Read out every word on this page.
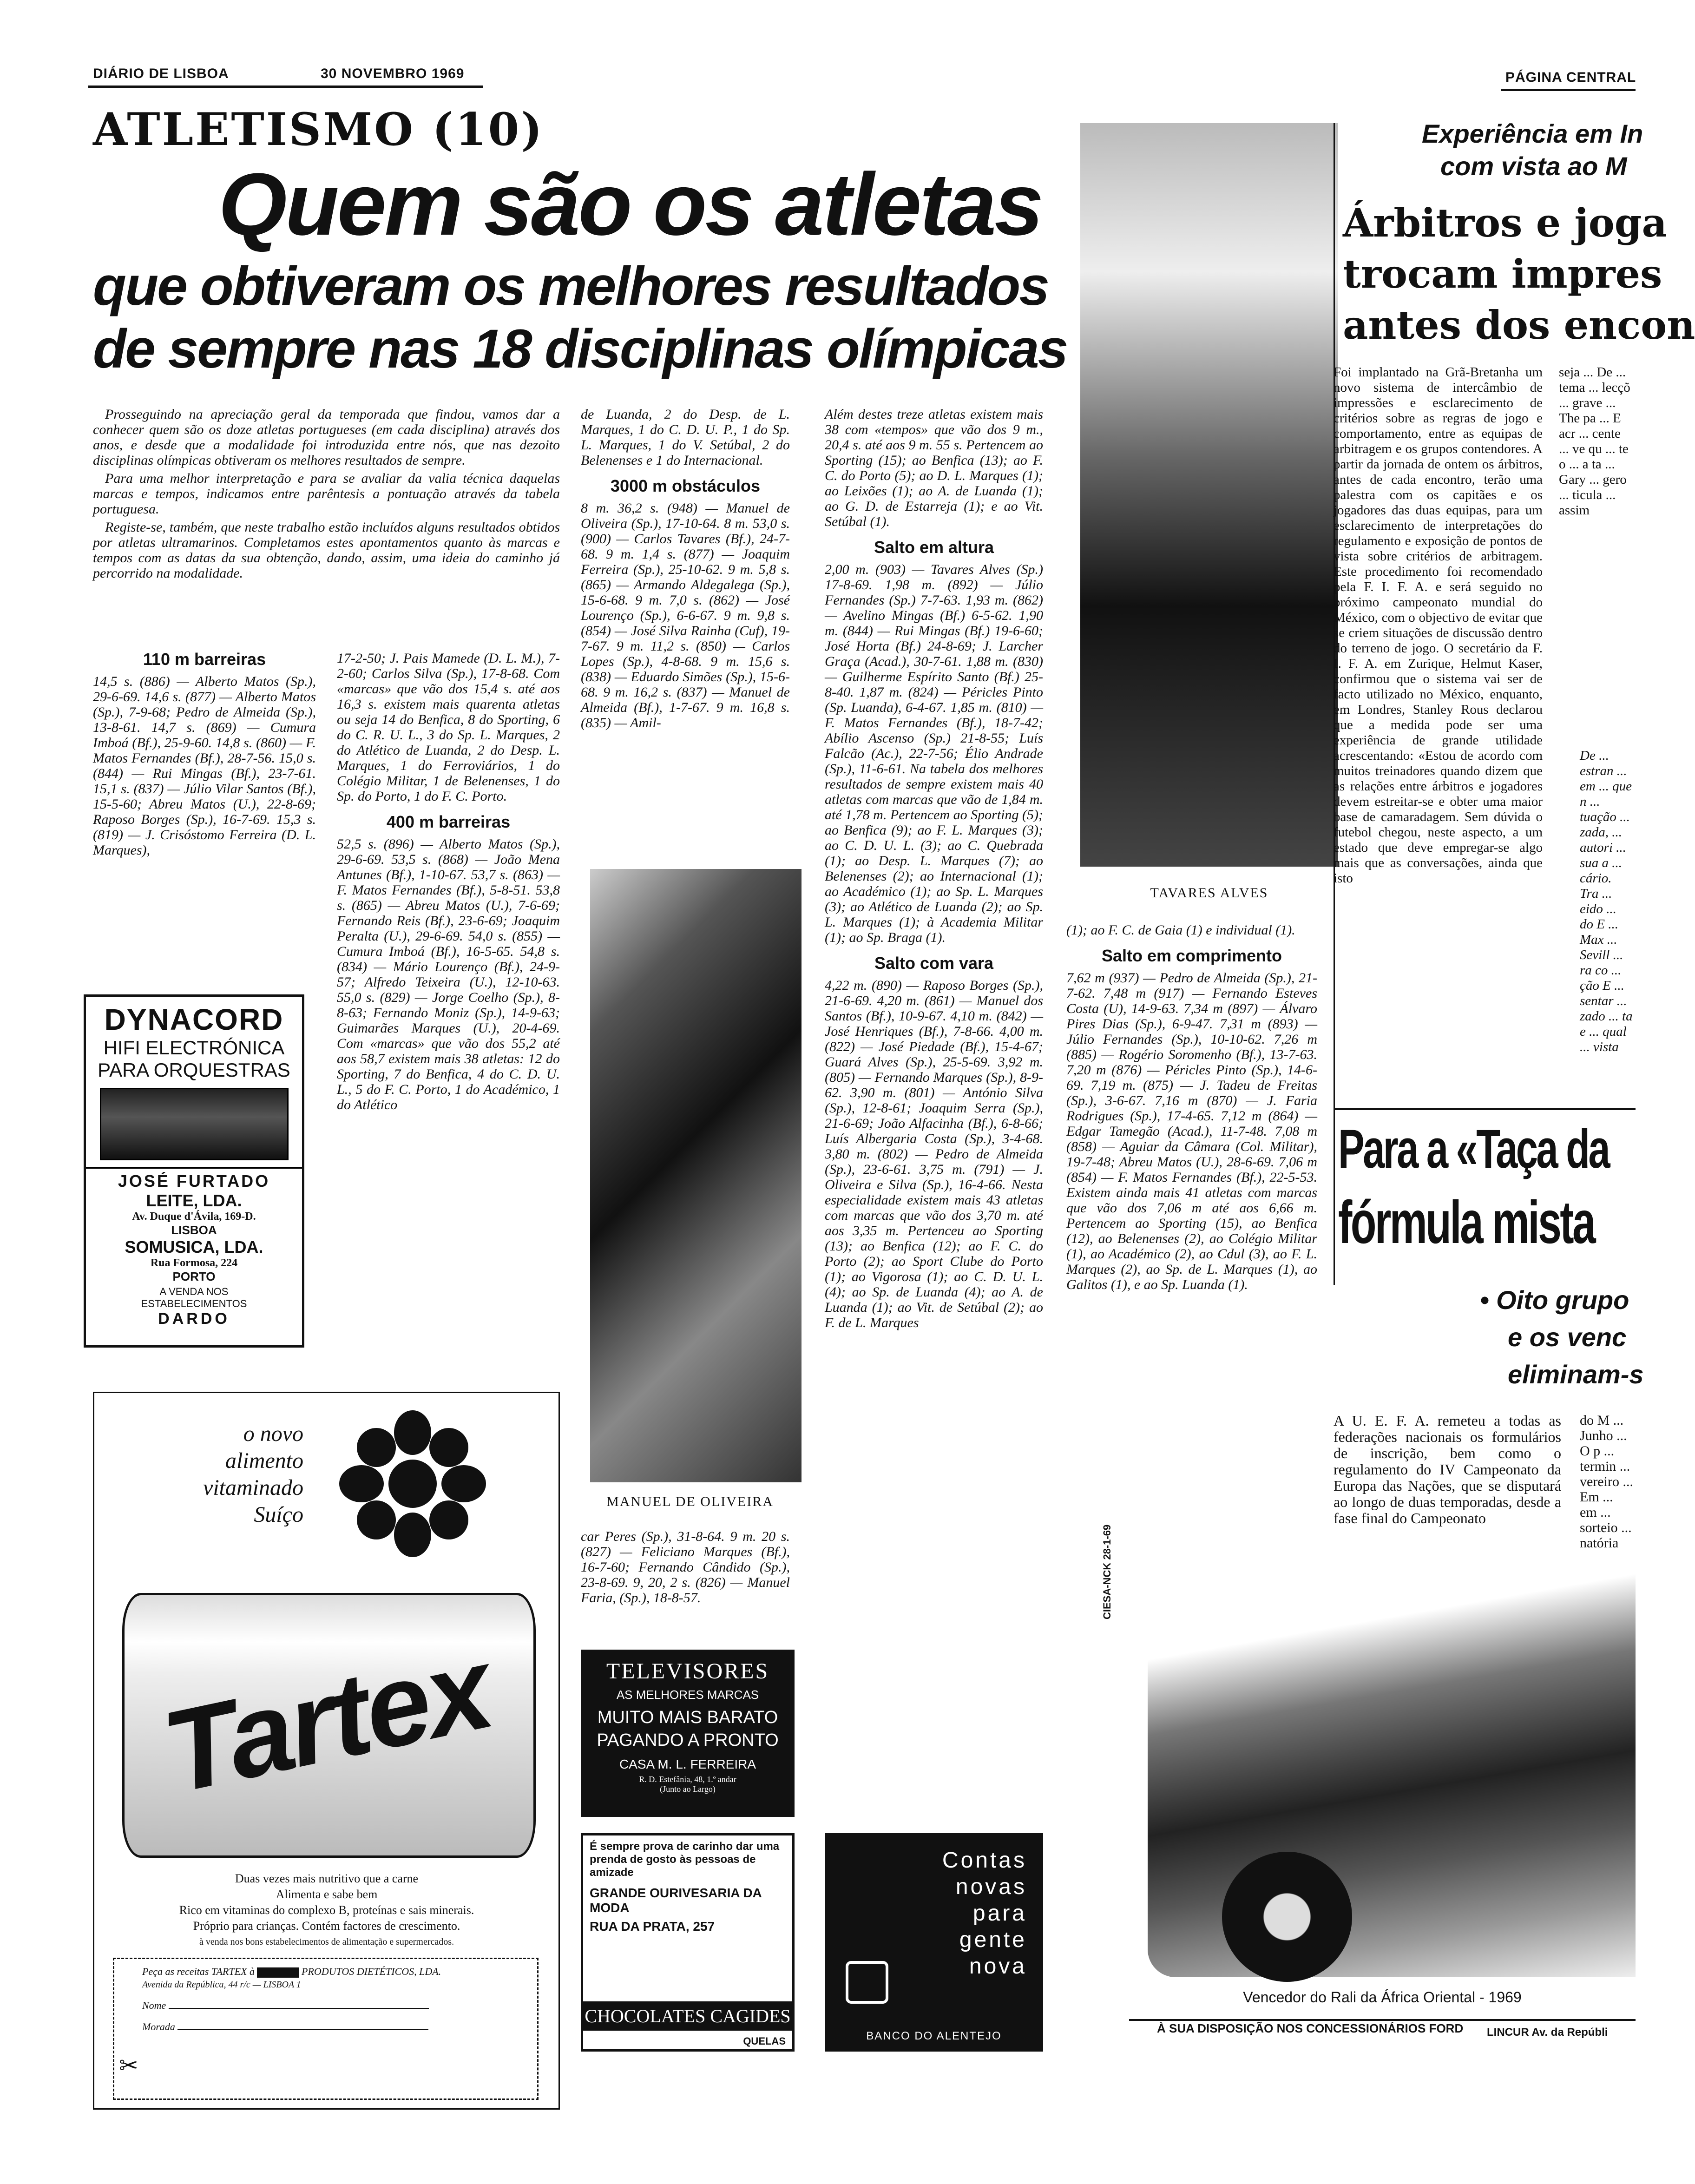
DIÁRIO DE LISBOA	30 NOVEMBRO 1969	PÁGINA CENTRAL
ATLETISMO (10)
Quem são os atletas
que obtiveram os melhores resultados
de sempre nas 18 disciplinas olímpicas

Prosseguindo na apreciação geral da temporada que findou, vamos dar a conhecer quem são os doze atletas portugueses (em cada disciplina) através dos anos, e desde que a modalidade foi introduzida entre nós, que nas dezoito disciplinas olímpicas obtiveram os melhores resultados de sempre.

Para uma melhor interpretação e para se avaliar da valia técnica daquelas marcas e tempos, indicamos entre parêntesis a pontuação através da tabela portuguesa.

Registe-se, também, que neste trabalho estão incluídos alguns resultados obtidos por atletas ultramarinos. Completamos estes apontamentos quanto às marcas e tempos com as datas da sua obtenção, dando, assim, uma ideia do caminho já percorrido na modalidade.

110 m barreiras
14,5 s. (886) — Alberto Matos (Sp.), 29-6-69. 14,6 s. (877) — Alberto Matos (Sp.), 7-9-68; Pedro de Almeida (Sp.), 13-8-61. 14,7 s. (869) — Cumura Imboá (Bf.), 25-9-60. 14,8 s. (860) — F. Matos Fernandes (Bf.), 28-7-56. 15,0 s. (844) — Rui Mingas (Bf.), 23-7-61. 15,1 s. (837) — Júlio Vilar Santos (Bf.), 15-5-60; Abreu Matos (U.), 22-8-69; Raposo Borges (Sp.), 16-7-69. 15,3 s. (819) — J. Crisóstomo Ferreira (D. L. Marques),
17-2-50; J. Pais Mamede (D. L. M.), 7-2-60; Carlos Silva (Sp.), 17-8-68. Com «marcas» que vão dos 15,4 s. até aos 16,3 s. existem mais quarenta atletas ou seja 14 do Benfica, 8 do Sporting, 6 do C. R. U. L., 3 do Sp. L. Marques, 2 do Atlético de Luanda, 2 do Desp. L. Marques, 1 do Ferroviários, 1 do Colégio Militar, 1 de Belenenses, 1 do Sp. do Porto, 1 do F. C. Porto.
400 m barreiras
52,5 s. (896) — Alberto Matos (Sp.), 29-6-69. 53,5 s. (868) — João Mena Antunes (Bf.), 1-10-67. 53,7 s. (863) — F. Matos Fernandes (Bf.), 5-8-51. 53,8 s. (865) — Abreu Matos (U.), 7-6-69; Fernando Reis (Bf.), 23-6-69; Joaquim Peralta (U.), 29-6-69. 54,0 s. (855) — Cumura Imboá (Bf.), 16-5-65. 54,8 s. (834) — Mário Lourenço (Bf.), 24-9-57; Alfredo Teixeira (U.), 12-10-63. 55,0 s. (829) — Jorge Coelho (Sp.), 8-8-63; Fernando Moniz (Sp.), 14-9-63; Guimarães Marques (U.), 20-4-69. Com «marcas» que vão dos 55,2 até aos 58,7 existem mais 38 atletas: 12 do Sporting, 7 do Benfica, 4 do C. D. U. L., 5 do F. C. Porto, 1 do Académico, 1 do Atlético
DYNACORD
HIFI ELECTRÓNICA
PARA ORQUESTRAS
JOSÉ FURTADO
LEITE, LDA.
Av. Duque d'Ávila, 169-D.
LISBOA
SOMUSICA, LDA.
Rua Formosa, 224
PORTO
A VENDA NOS
ESTABELECIMENTOS
DARDO
o novo
alimento
vitaminado
Suíço
Tartex
Duas vezes mais nutritivo que a carne
Alimenta e sabe bem
Rico em vitaminas do complexo B, proteínas e sais minerais.
Próprio para crianças. Contém factores de crescimento.
à venda nos bons estabelecimentos de alimentação e supermercados.
Peça as receitas TARTEX à	PRODUTOS DIETÉTICOS, LDA.
Avenida da República, 44 r/c — LISBOA 1
Nome
Morada
✂
de Luanda, 2 do Desp. de L. Marques, 1 do C. D. U. P., 1 do Sp. L. Marques, 1 do V. Setúbal, 2 do Belenenses e 1 do Internacional.
3000 m obstáculos
8 m. 36,2 s. (948) — Manuel de Oliveira (Sp.), 17-10-64. 8 m. 53,0 s. (900) — Carlos Tavares (Bf.), 24-7-68. 9 m. 1,4 s. (877) — Joaquim Ferreira (Sp.), 25-10-62. 9 m. 5,8 s. (865) — Armando Aldegalega (Sp.), 15-6-68. 9 m. 7,0 s. (862) — José Lourenço (Sp.), 6-6-67. 9 m. 9,8 s. (854) — José Silva Rainha (Cuf), 19-7-67. 9 m. 11,2 s. (850) — Carlos Lopes (Sp.), 4-8-68. 9 m. 15,6 s. (838) — Eduardo Simões (Sp.), 15-6-68. 9 m. 16,2 s. (837) — Manuel de Almeida (Bf.), 1-7-67. 9 m. 16,8 s. (835) — Amil-
MANUEL DE OLIVEIRA
car Peres (Sp.), 31-8-64. 9 m. 20 s. (827) — Feliciano Marques (Bf.), 16-7-60; Fernando Cândido (Sp.), 23-8-69. 9, 20, 2 s. (826) — Manuel Faria, (Sp.), 18-8-57.
TELEVISORES
AS MELHORES MARCAS
MUITO MAIS BARATO
PAGANDO A PRONTO
CASA M. L. FERREIRA
R. D. Estefânia, 48, 1.º andar
(Junto ao Largo)
É sempre prova de carinho dar uma prenda de gosto às pessoas de amizade
GRANDE OURIVESARIA DA MODA
RUA DA PRATA, 257
CHOCOLATES CAGIDES
QUELAS
Além destes treze atletas existem mais 38 com «tempos» que vão dos 9 m., 20,4 s. até aos 9 m. 55 s. Pertencem ao Sporting (15); ao Benfica (13); ao F. C. do Porto (5); ao D. L. Marques (1); ao Leixões (1); ao A. de Luanda (1); ao G. D. de Estarreja (1); e ao Vit. Setúbal (1).
Salto em altura
2,00 m. (903) — Tavares Alves (Sp.) 17-8-69. 1,98 m. (892) — Júlio Fernandes (Sp.) 7-7-63. 1,93 m. (862) — Avelino Mingas (Bf.) 6-5-62. 1,90 m. (844) — Rui Mingas (Bf.) 19-6-60; José Horta (Bf.) 24-8-69; J. Larcher Graça (Acad.), 30-7-61. 1,88 m. (830) — Guilherme Espírito Santo (Bf.) 25-8-40. 1,87 m. (824) — Péricles Pinto (Sp. Luanda), 6-4-67. 1,85 m. (810) — F. Matos Fernandes (Bf.), 18-7-42; Abílio Ascenso (Sp.) 21-8-55; Luís Falcão (Ac.), 22-7-56; Élio Andrade (Sp.), 11-6-61. Na tabela dos melhores resultados de sempre existem mais 40 atletas com marcas que vão de 1,84 m. até 1,78 m. Pertencem ao Sporting (5); ao Benfica (9); ao F. L. Marques (3); ao C. D. U. L. (3); ao C. Quebrada (1); ao Desp. L. Marques (7); ao Belenenses (2); ao Internacional (1); ao Académico (1); ao Sp. L. Marques (3); ao Atlético de Luanda (2); ao Sp. L. Marques (1); à Academia Militar (1); ao Sp. Braga (1).
Salto com vara
4,22 m. (890) — Raposo Borges (Sp.), 21-6-69. 4,20 m. (861) — Manuel dos Santos (Bf.), 10-9-67. 4,10 m. (842) — José Henriques (Bf.), 7-8-66. 4,00 m. (822) — José Piedade (Bf.), 15-4-67; Guará Alves (Sp.), 25-5-69. 3,92 m. (805) — Fernando Marques (Sp.), 8-9-62. 3,90 m. (801) — António Silva (Sp.), 12-8-61; Joaquim Serra (Sp.), 21-6-69; João Alfacinha (Bf.), 6-8-66; Luís Albergaria Costa (Sp.), 3-4-68. 3,80 m. (802) — Pedro de Almeida (Sp.), 23-6-61. 3,75 m. (791) — J. Oliveira e Silva (Sp.), 16-4-66. Nesta especialidade existem mais 43 atletas com marcas que vão dos 3,70 m. até aos 3,35 m. Pertenceu ao Sporting (13); ao Benfica (12); ao F. C. do Porto (2); ao Sport Clube do Porto (1); ao Vigorosa (1); ao C. D. U. L. (4); ao Sp. de Luanda (4); ao A. de Luanda (1); ao Vit. de Setúbal (2); ao F. de L. Marques
Contas
novas
para
gente
nova
BANCO DO ALENTEJO
TAVARES ALVES
(1); ao F. C. de Gaia (1) e individual (1).
Salto em comprimento
7,62 m (937) — Pedro de Almeida (Sp.), 21-7-62. 7,48 m (917) — Fernando Esteves Costa (U), 14-9-63. 7,34 m (897) — Álvaro Pires Dias (Sp.), 6-9-47. 7,31 m (893) — Júlio Fernandes (Sp.), 10-10-62. 7,26 m (885) — Rogério Soromenho (Bf.), 13-7-63. 7,20 m (876) — Péricles Pinto (Sp.), 14-6-69. 7,19 m. (875) — J. Tadeu de Freitas (Sp.), 3-6-67. 7,16 m (870) — J. Faria Rodrigues (Sp.), 17-4-65. 7,12 m (864) — Edgar Tamegão (Acad.), 11-7-48. 7,08 m (858) — Aguiar da Câmara (Col. Militar), 19-7-48; Abreu Matos (U.), 28-6-69. 7,06 m (854) — F. Matos Fernandes (Bf.), 22-5-53. Existem ainda mais 41 atletas com marcas que vão dos 7,06 m até aos 6,66 m. Pertencem ao Sporting (15), ao Benfica (12), ao Belenenses (2), ao Colégio Militar (1), ao Académico (2), ao Cdul (3), ao F. L. Marques (2), ao Sp. de L. Marques (1), ao Galitos (1), e ao Sp. Luanda (1).
Experiência em In
com vista ao M
Árbitros e joga
trocam impres
antes dos encon
Foi implantado na Grã-Bretanha um novo sistema de intercâmbio de impressões e esclarecimento de critérios sobre as regras de jogo e comportamento, entre as equipas de arbitragem e os grupos contendores. A partir da jornada de ontem os árbitros, antes de cada encontro, terão uma palestra com os capitães e os jogadores das duas equipas, para um esclarecimento de interpretações do regulamento e exposição de pontos de vista sobre critérios de arbitragem. Este procedimento foi recomendado pela F. I. F. A. e será seguido no próximo campeonato mundial do México, com o objectivo de evitar que se criem situações de discussão dentro do terreno de jogo. O secretário da F. I. F. A. em Zurique, Helmut Kaser, confirmou que o sistema vai ser de facto utilizado no México, enquanto, em Londres, Stanley Rous declarou que a medida pode ser uma experiência de grande utilidade acrescentando: «Estou de acordo com muitos treinadores quando dizem que as relações entre árbitros e jogadores devem estreitar-se e obter uma maior base de camaradagem. Sem dúvida o futebol chegou, neste aspecto, a um estado que deve empregar-se algo mais que as conversações, ainda que isto
seja ... De ... tema ... lecçõ ... grave ... The pa ... E acr ... cente ... ve qu ... te o ... a ta ... Gary ... gero ... ticula ... assim
De ... estran ... em ... que n ... tuação ... zada, ... autori ... sua a ... cário. Tra ... eido ... do E ... Max ... Sevill ... ra co ... ção E ... sentar ... zado ... ta e ... qual ... vista
Para a «Taça da
fórmula mista
• Oito grupo
e os venc
eliminam-s
A U. E. F. A. remeteu a todas as federações nacionais os formulários de inscrição, bem como o regulamento do IV Campeonato da Europa das Nações, que se disputará ao longo de duas temporadas, desde a fase final do Campeonato
do M ... Junho ... O p ... termin ... vereiro ... Em ... em ... sorteio ... natória
CIESA-NCK 28-1-69
Vencedor do Rali da África Oriental - 1969
À SUA DISPOSIÇÃO NOS CONCESSIONÁRIOS FORD LINCUR Av. da Repúbli
